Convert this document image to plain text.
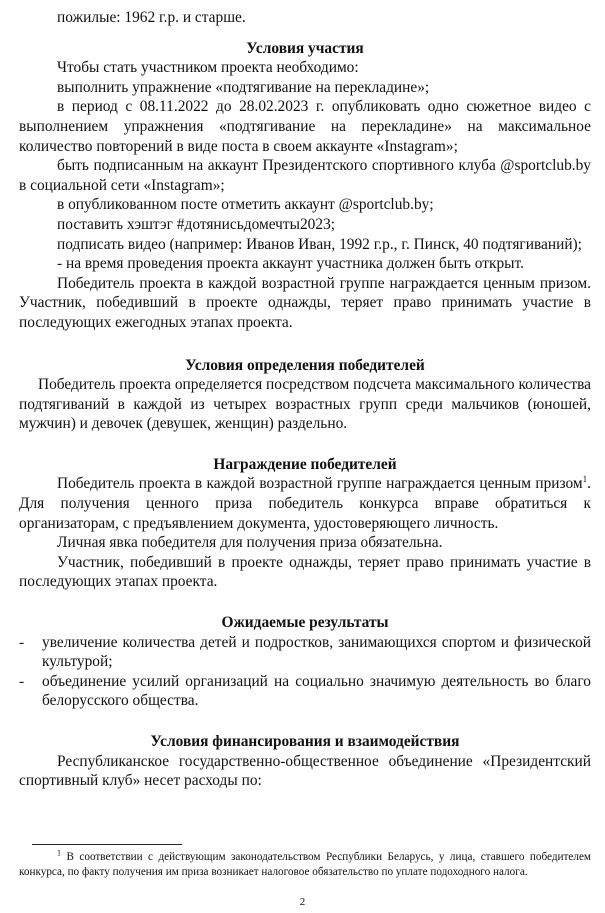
пожилые: 1962 г.р. и старше.

Условия участия

Чтобы стать участником проекта необходимо:

выполнить упражнение «подтягивание на перекладине»;

в период с 08.11.2022 до 28.02.2023 г. опубликовать одно сюжетное видео с выполнением упражнения «подтягивание на перекладине» на максимальное количество повторений в виде поста в своем аккаунте «Instagram»;

быть подписанным на аккаунт Президентского спортивного клуба @sportclub.by в социальной сети «Instagram»;

в опубликованном посте отметить аккаунт @sportclub.by;

поставить хэштэг #дотянисьдомечты2023;

подписать видео (например: Иванов Иван, 1992 г.р., г. Пинск, 40 подтягиваний);

- на время проведения проекта аккаунт участника должен быть открыт.

Победитель проекта в каждой возрастной группе награждается ценным призом. Участник, победивший в проекте однажды, теряет право принимать участие в последующих ежегодных этапах проекта.

Условия определения победителей

Победитель проекта определяется посредством подсчета максимального количества подтягиваний в каждой из четырех возрастных групп среди мальчиков (юношей, мужчин) и девочек (девушек, женщин) раздельно.

Награждение победителей

Победитель проекта в каждой возрастной группе награждается ценным призом$^1$. Для получения ценного приза победитель конкурса вправе обратиться к организаторам, с предъявлением документа, удостоверяющего личность.

Личная явка победителя для получения приза обязательна.

Участник, победивший в проекте однажды, теряет право принимать участие в последующих этапах проекта.

Ожидаемые результаты

-	увеличение количества детей и подростков, занимающихся спортом и физической культурой;
-	объединение усилий организаций на социально значимую деятельность во благо белорусского общества.

Условия финансирования и взаимодействия

Республиканское государственно-общественное объединение «Президентский спортивный клуб» несет расходы по:

$^1$ В соответствии с действующим законодательством Республики Беларусь, у лица, ставшего победителем конкурса, по факту получения им приза возникает налоговое обязательство по уплате подоходного налога.
2
